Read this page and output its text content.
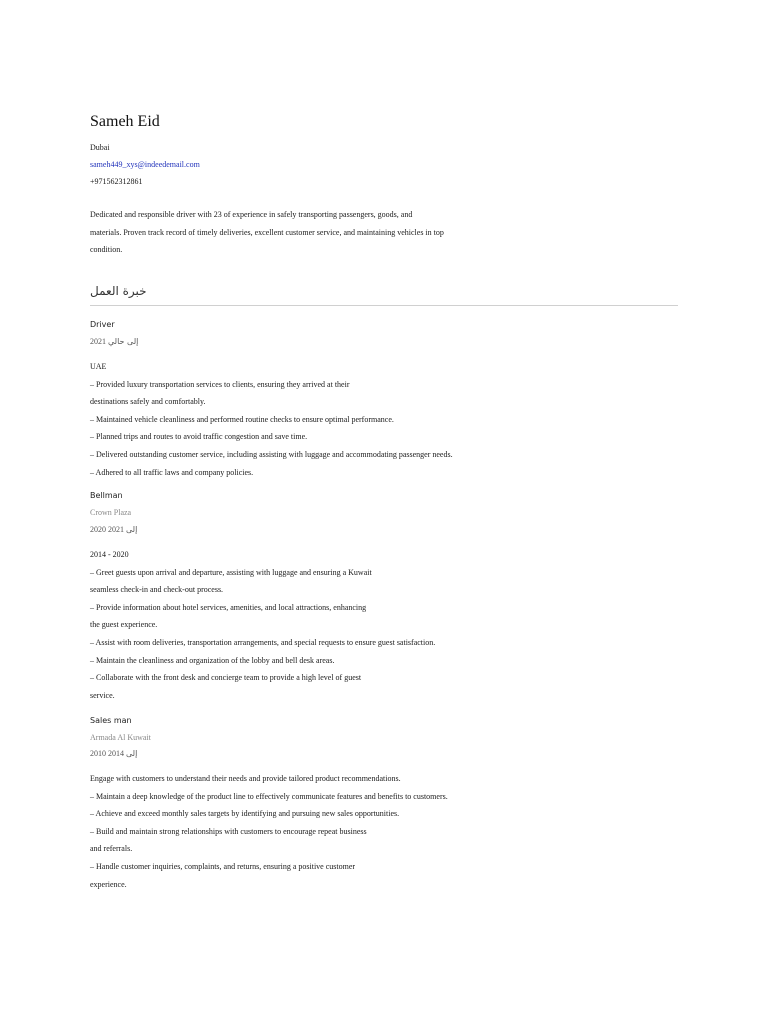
Sameh Eid
Dubai
sameh449_xys@indeedemail.com
+971562312861
Dedicated and responsible driver with 23 of experience in safely transporting passengers, goods, and
materials. Proven track record of timely deliveries, excellent customer service, and maintaining vehicles in top
condition.
خبرة العمل
Driver
2021 إلى حالي
UAE
– Provided luxury transportation services to clients, ensuring they arrived at their
destinations safely and comfortably.
– Maintained vehicle cleanliness and performed routine checks to ensure optimal performance.
– Planned trips and routes to avoid traffic congestion and save time.
– Delivered outstanding customer service, including assisting with luggage and accommodating passenger needs.
– Adhered to all traffic laws and company policies.
Bellman
Crown Plaza
2020 2021 إلى
2014 - 2020
– Greet guests upon arrival and departure, assisting with luggage and ensuring a Kuwait
seamless check-in and check-out process.
– Provide information about hotel services, amenities, and local attractions, enhancing
the guest experience.
– Assist with room deliveries, transportation arrangements, and special requests to ensure guest satisfaction.
– Maintain the cleanliness and organization of the lobby and bell desk areas.
– Collaborate with the front desk and concierge team to provide a high level of guest
service.
Sales man
Armada Al Kuwait
2010 2014 إلى
Engage with customers to understand their needs and provide tailored product recommendations.
– Maintain a deep knowledge of the product line to effectively communicate features and benefits to customers.
– Achieve and exceed monthly sales targets by identifying and pursuing new sales opportunities.
– Build and maintain strong relationships with customers to encourage repeat business
and referrals.
– Handle customer inquiries, complaints, and returns, ensuring a positive customer
experience.
